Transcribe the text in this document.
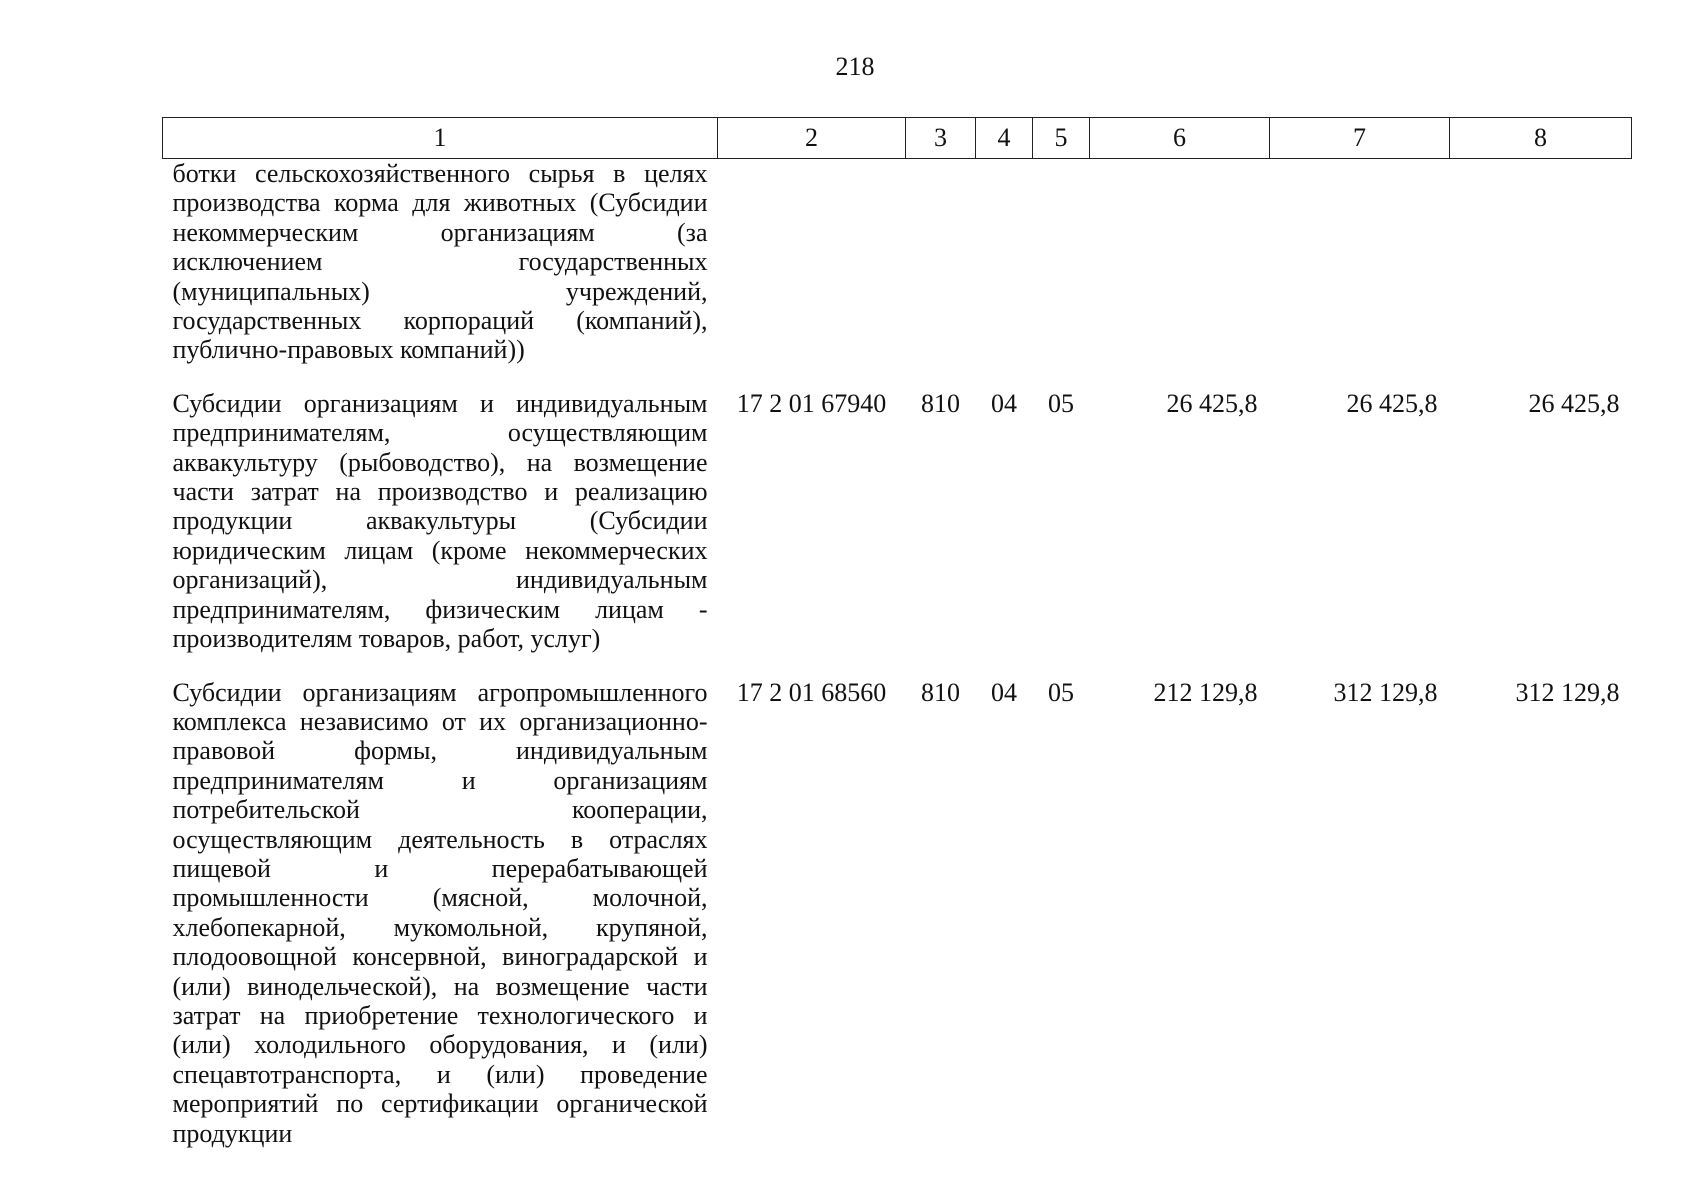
218
1	2	3	4	5	6	7	8
ботки сельскохозяйственного сырья в целях производства корма для животных (Субсидии некоммерческим организациям (за исключением государственных (муниципальных) учреждений, государственных корпораций (компаний), публично-правовых компаний))							
Субсидии организациям и индивидуальным предпринимателям, осуществляющим аквакультуру (рыбоводство), на возмещение части затрат на производство и реализацию продукции аквакультуры (Субсидии юридическим лицам (кроме некоммерческих организаций), индивидуальным предпринимателям, физическим лицам - производителям товаров, работ, услуг)	17 2 01 67940	810	04	05	26 425,8	26 425,8	26 425,8
Субсидии организациям агропромышленного комплекса независимо от их организационно-правовой формы, индивидуальным предпринимателям и организациям потребительской кооперации, осуществляющим деятельность в отраслях пищевой и перерабатывающей промышленности (мясной, молочной, хлебопекарной, мукомольной, крупяной, плодоовощной консервной, виноградарской и (или) винодельческой), на возмещение части затрат на приобретение технологического и (или) холодильного оборудования, и (или) спецавтотранспорта, и (или) проведение мероприятий по сертификации органической продукции	17 2 01 68560	810	04	05	212 129,8	312 129,8	312 129,8
